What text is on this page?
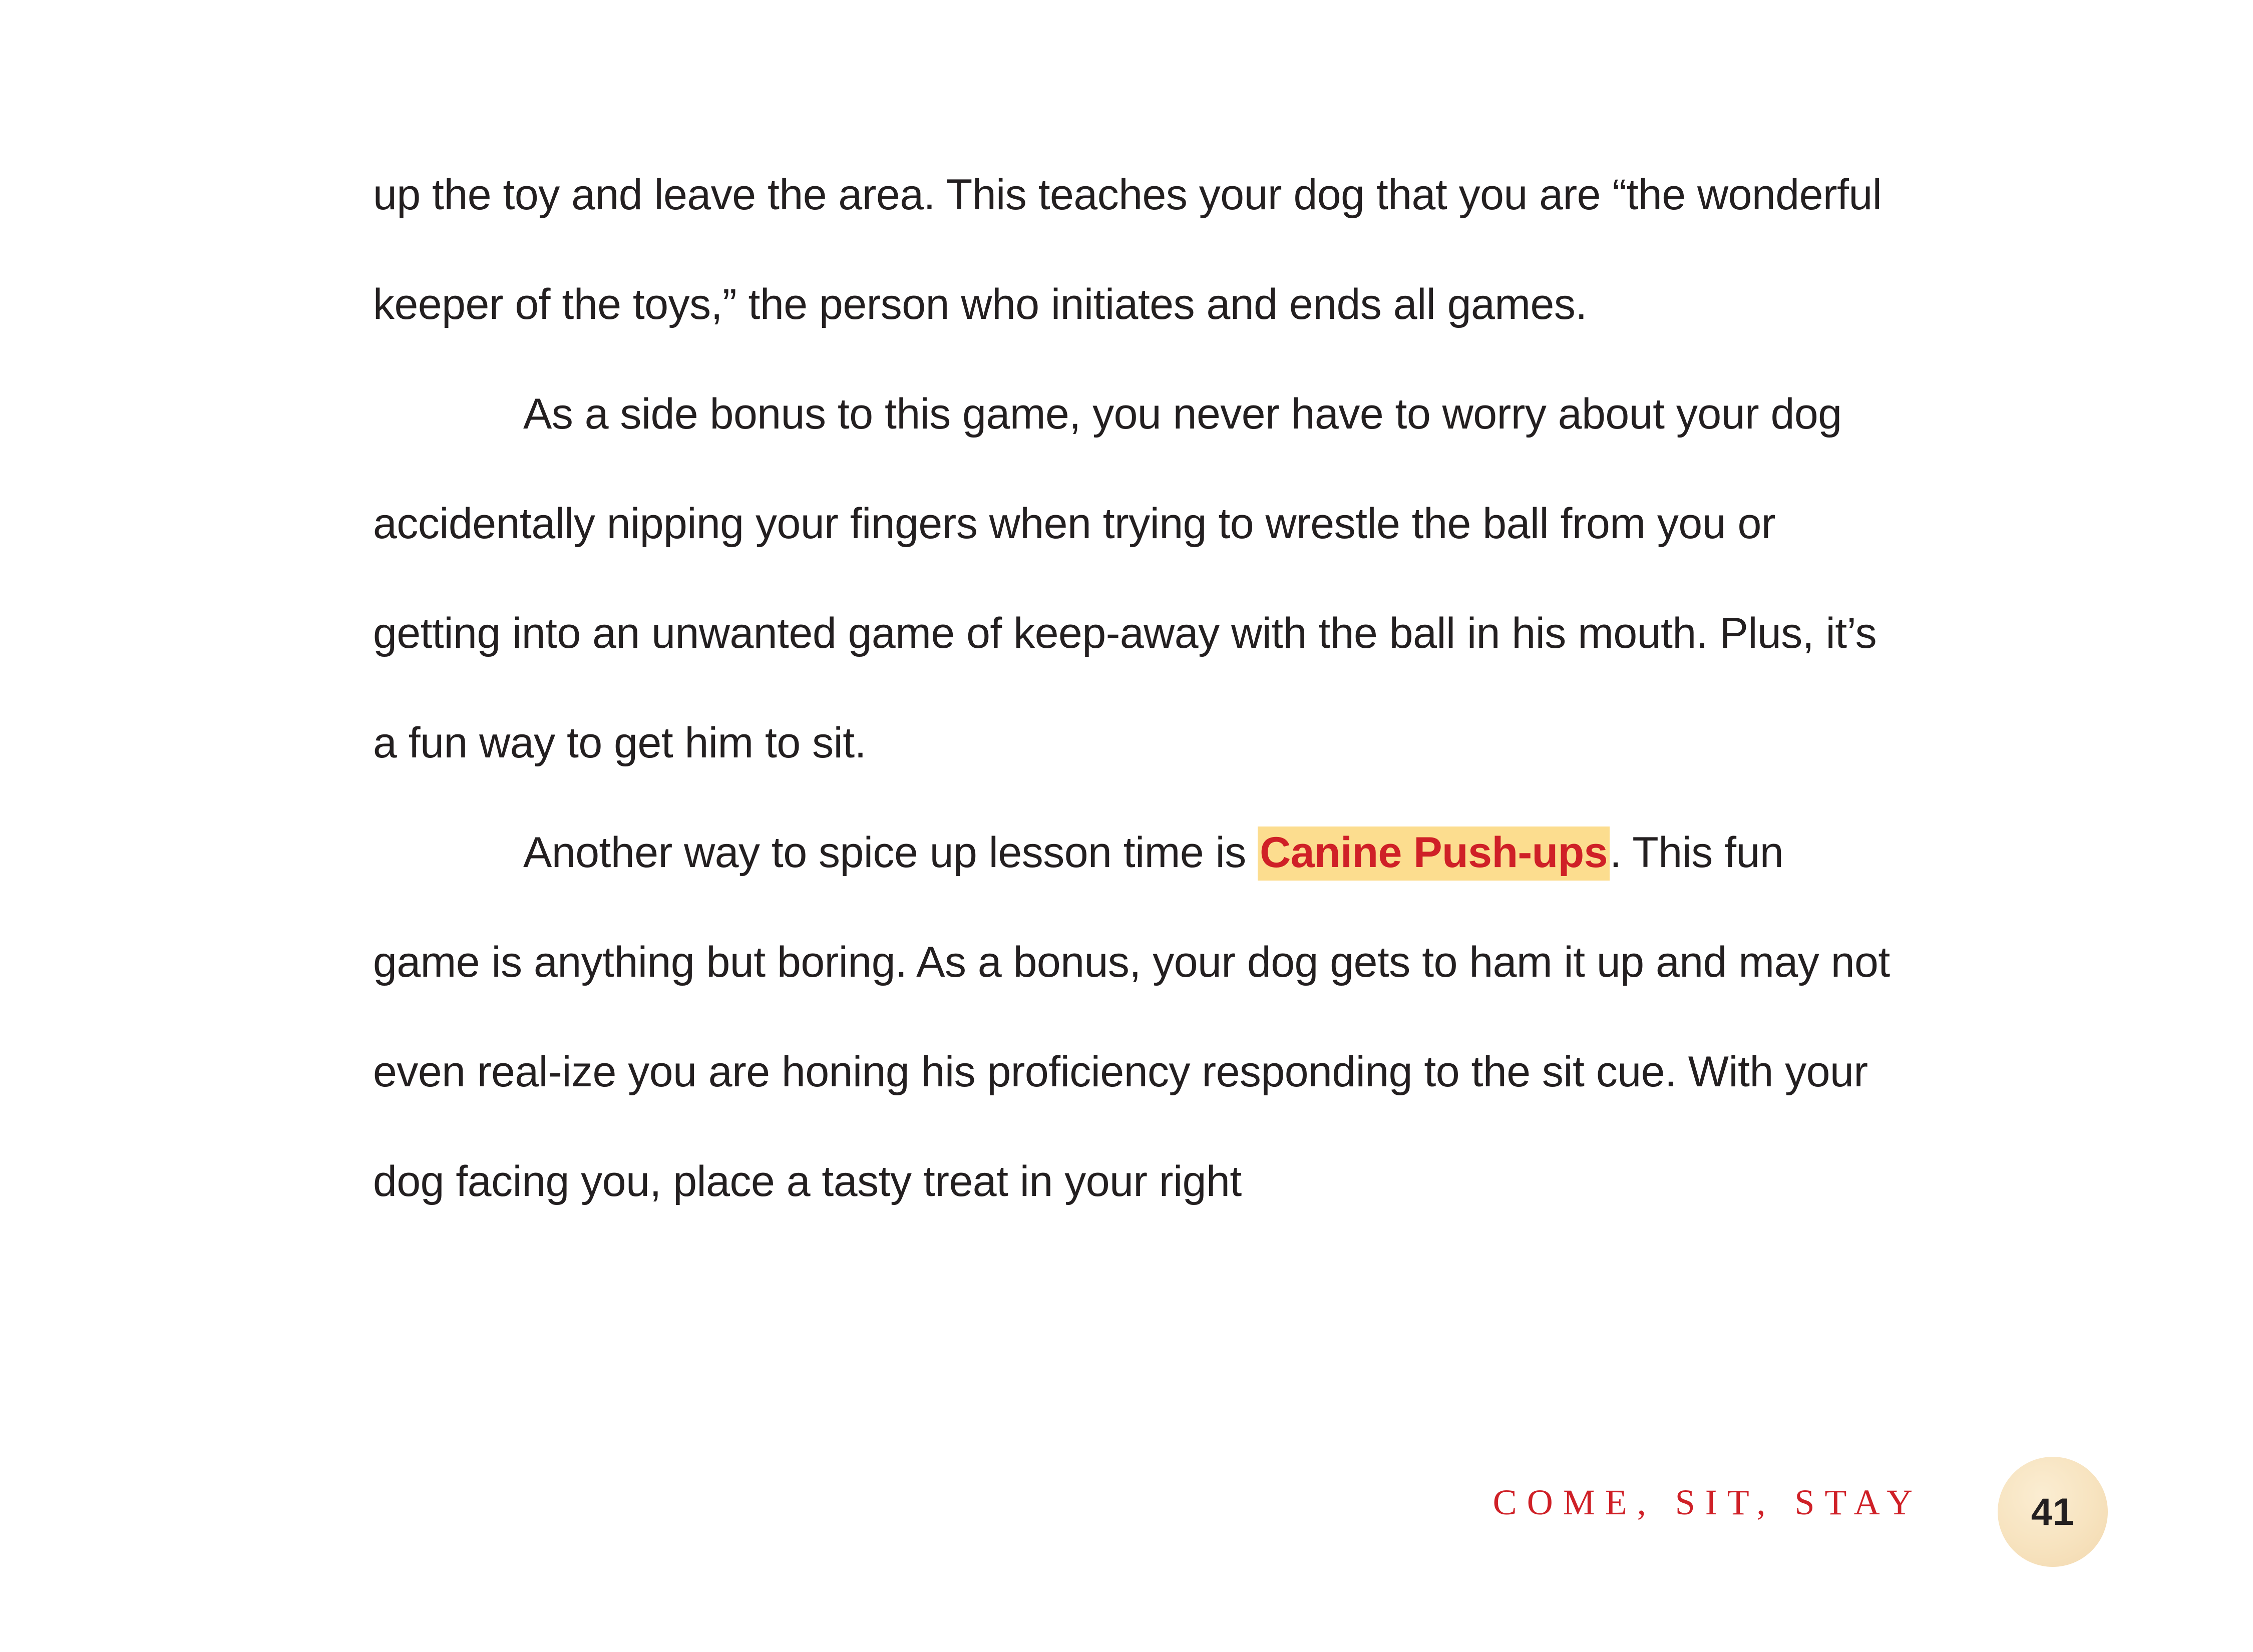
up the toy and leave the area. This teaches your dog that you are “the wonderful keeper of the toys,” the person who initiates and ends all games.

As a side bonus to this game, you never have to worry about your dog accidentally nipping your fingers when trying to wrestle the ball from you or getting into an unwanted game of keep-away with the ball in his mouth. Plus, it’s a fun way to get him to sit.

Another way to spice up lesson time is Canine Push-ups. This fun game is anything but boring. As a bonus, your dog gets to ham it up and may not even real-ize you are honing his proficiency responding to the sit cue. With your dog facing you, place a tasty treat in your right

COME, SIT, STAY	41
